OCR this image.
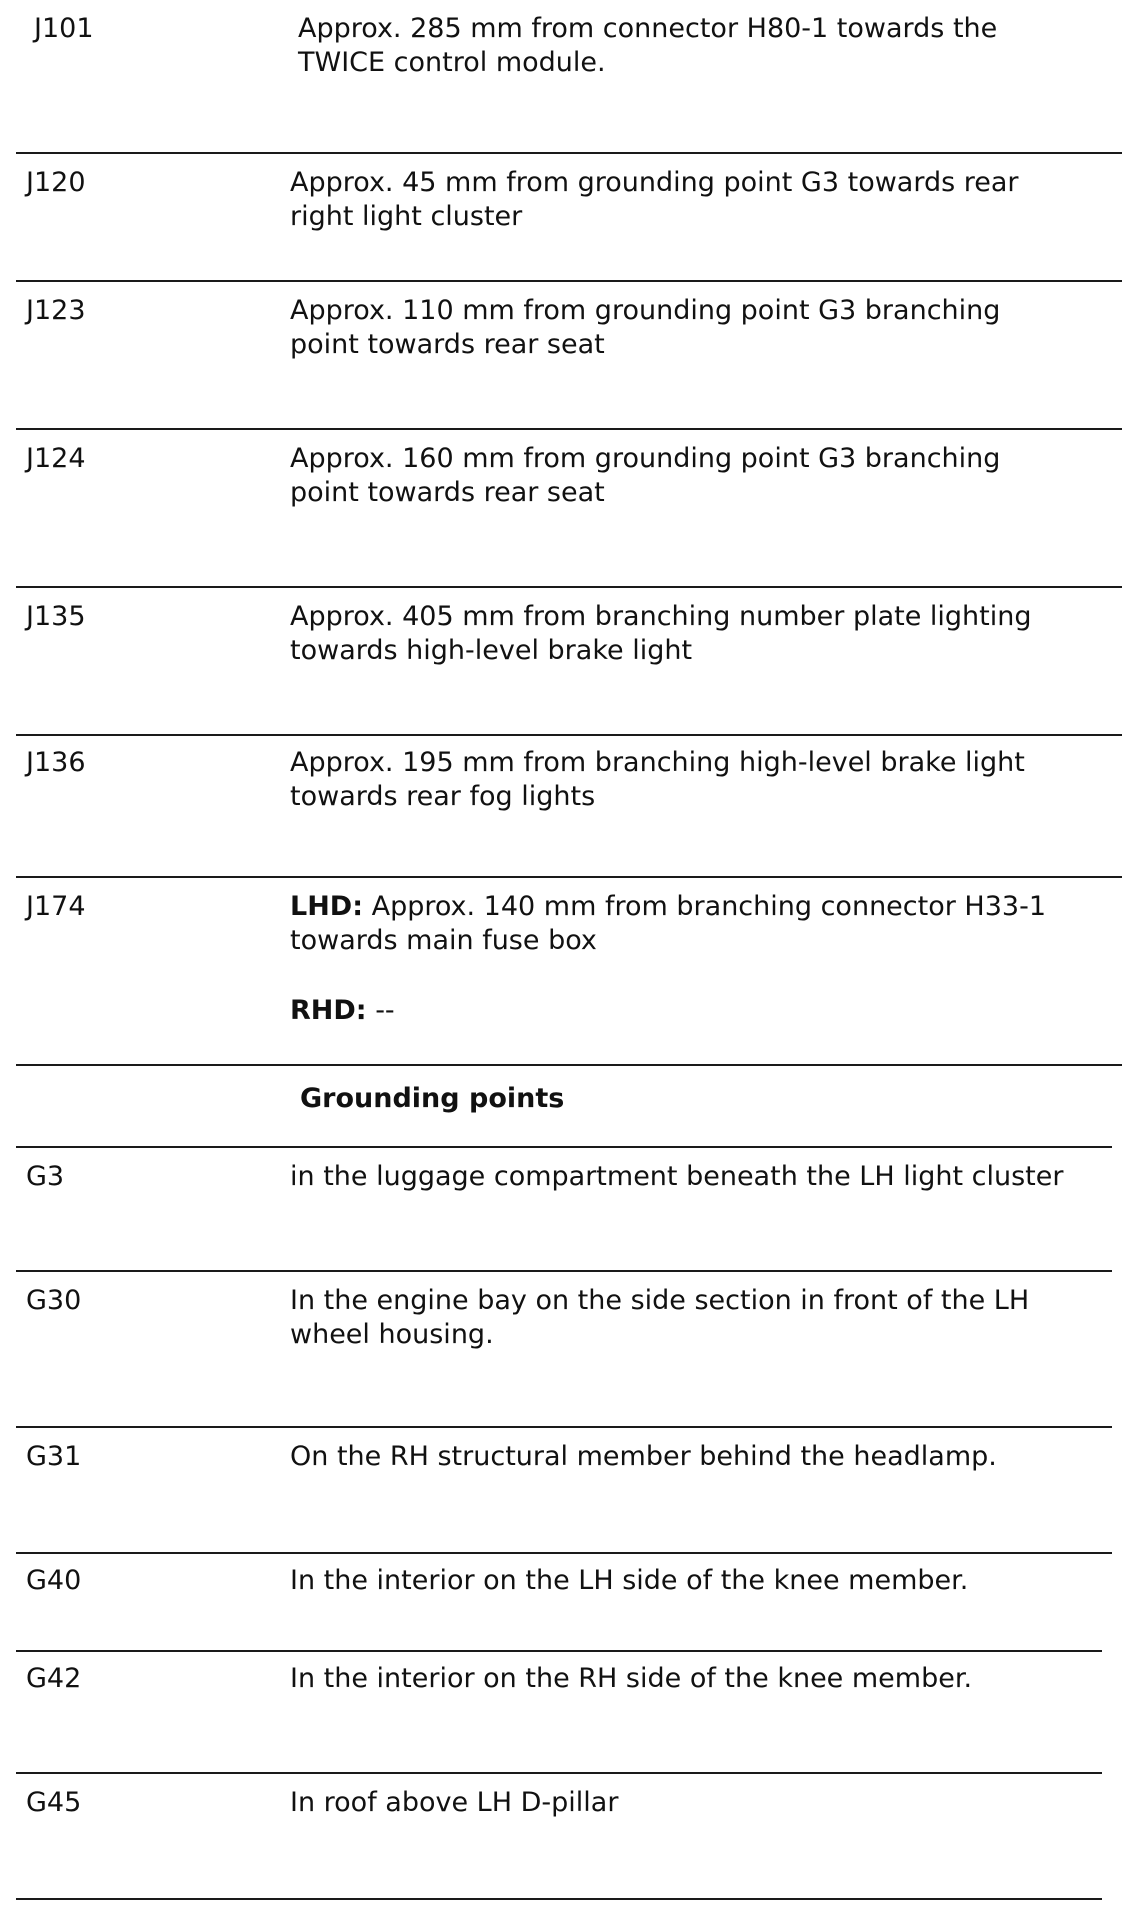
J101	Approx. 285 mm from connector H80-1 towards the
TWICE control module.
J120	Approx. 45 mm from grounding point G3 towards rear
right light cluster
J123	Approx. 110 mm from grounding point G3 branching
point towards rear seat
J124	Approx. 160 mm from grounding point G3 branching
point towards rear seat
J135	Approx. 405 mm from branching number plate lighting
towards high-level brake light
J136	Approx. 195 mm from branching high-level brake light
towards rear fog lights
J174	LHD: Approx. 140 mm from branching connector H33-1
towards main fuse box
RHD: --
Grounding points
G3	in the luggage compartment beneath the LH light cluster
G30	In the engine bay on the side section in front of the LH
wheel housing.
G31	On the RH structural member behind the headlamp.
G40	In the interior on the LH side of the knee member.
G42	In the interior on the RH side of the knee member.
G45	In roof above LH D-pillar
